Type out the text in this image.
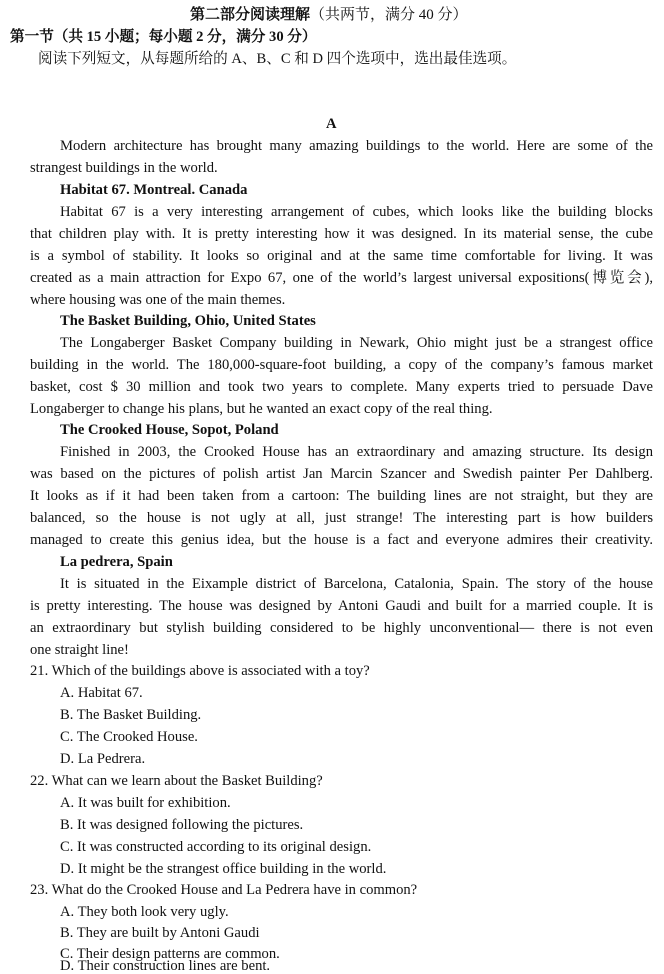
第二部分阅读理解（共两节，满分 40 分）
第一节（共 15 小题；每小题 2 分，满分 30 分）
阅读下列短文，从每题所给的 A、B、C 和 D 四个选项中，选出最佳选项。
A
Modern architecture has brought many amazing buildings to the world. Here are some of the
strangest buildings in the world.
Habitat 67. Montreal. Canada
Habitat 67 is a very interesting arrangement of cubes, which looks like the building blocks
that children play with. It is pretty interesting how it was designed. In its material sense, the cube
is a symbol of stability. It looks so original and at the same time comfortable for living. It was
created as a main attraction for Expo 67, one of the world’s largest universal expositions(博览会),
where housing was one of the main themes.
The Basket Building, Ohio, United States
The Longaberger Basket Company building in Newark, Ohio might just be a strangest office
building in the world. The 180,000-square-foot building, a copy of the company’s famous market
basket, cost $ 30 million and took two years to complete. Many experts tried to persuade Dave
Longaberger to change his plans, but he wanted an exact copy of the real thing.
The Crooked House, Sopot, Poland
Finished in 2003, the Crooked House has an extraordinary and amazing structure. Its design
was based on the pictures of polish artist Jan Marcin Szancer and Swedish painter Per Dahlberg.
It looks as if it had been taken from a cartoon: The building lines are not straight, but they are
balanced, so the house is not ugly at all, just strange! The interesting part is how builders
managed to create this genius idea, but the house is a fact and everyone admires their creativity.
La pedrera, Spain
It is situated in the Eixample district of Barcelona, Catalonia, Spain. The story of the house
is pretty interesting. The house was designed by Antoni Gaudi and built for a married couple. It is
an extraordinary but stylish building considered to be highly unconventional— there is not even
one straight line!
21. Which of the buildings above is associated with a toy?
A. Habitat 67.
B. The Basket Building.
C. The Crooked House.
D. La Pedrera.
22. What can we learn about the Basket Building?
A. It was built for exhibition.
B. It was designed following the pictures.
C. It was constructed according to its original design.
D. It might be the strangest office building in the world.
23. What do the Crooked House and La Pedrera have in common?
A. They both look very ugly.
B. They are built by Antoni Gaudi
C. Their design patterns are common.
D. Their construction lines are bent.
